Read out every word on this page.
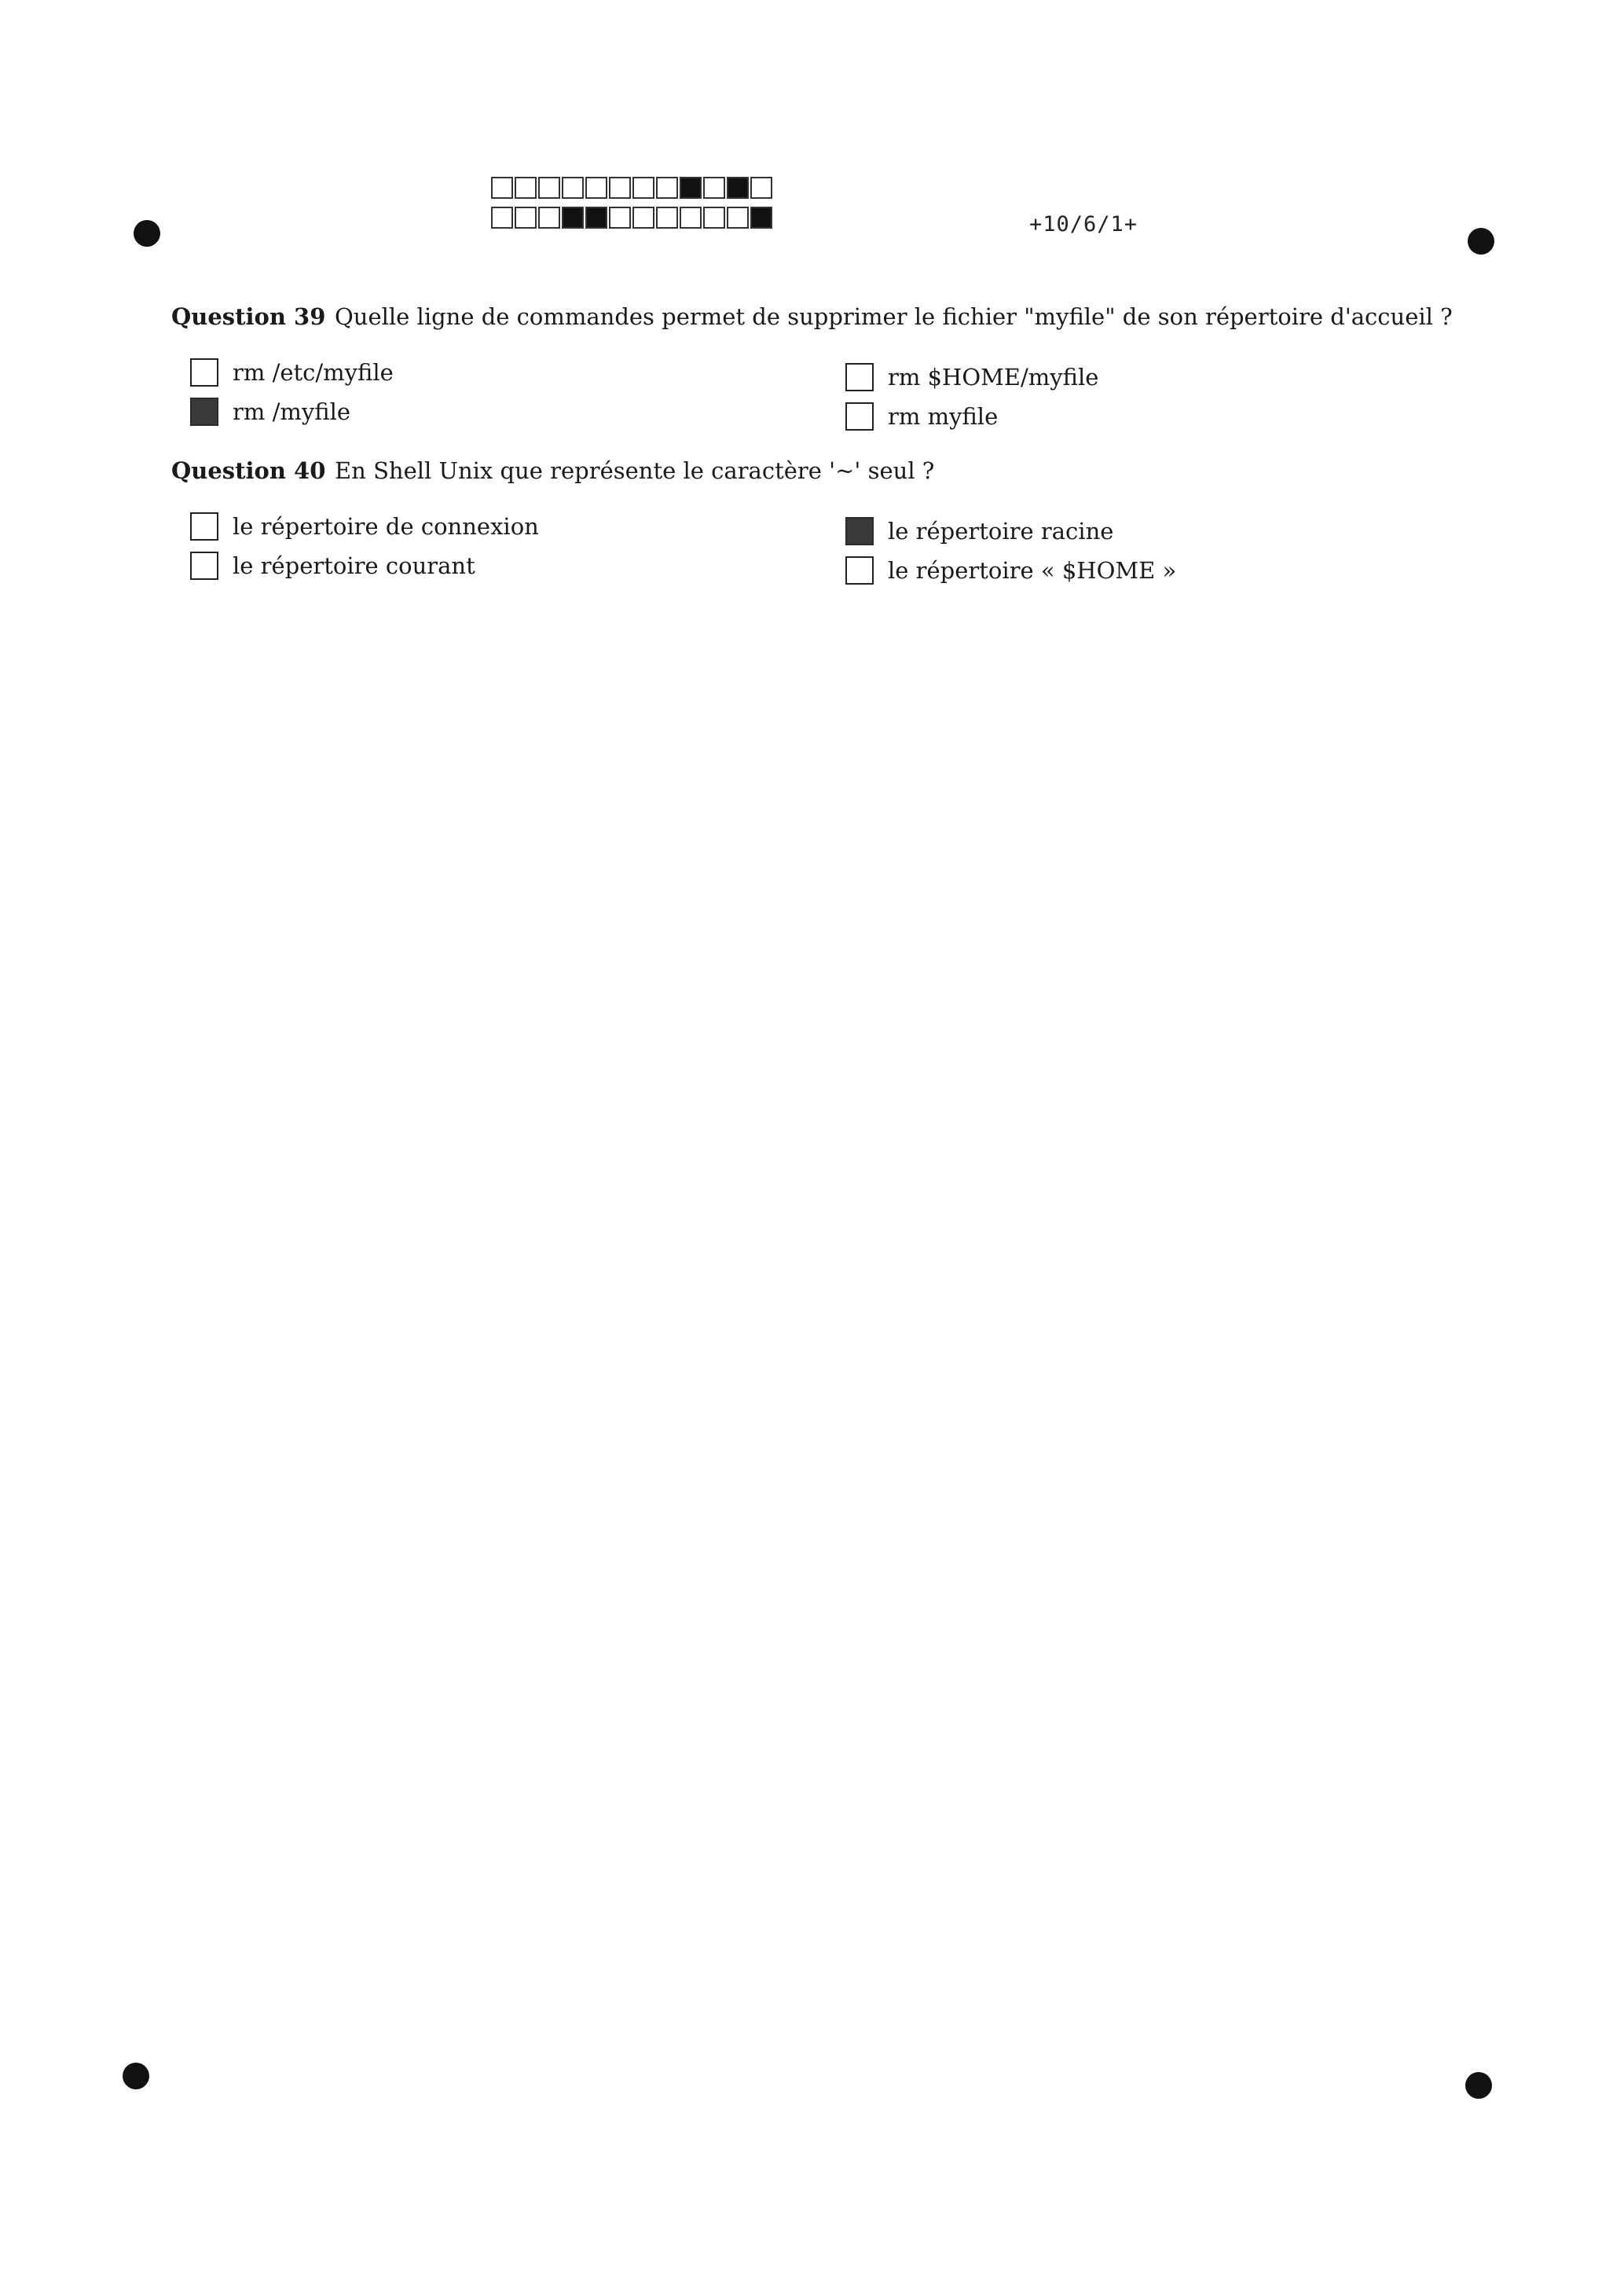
+10/6/1+
Question 39 Quelle ligne de commandes permet de supprimer le fichier "myfile" de son répertoire d'accueil ?
rm /etc/myfile
rm /myfile
rm $HOME/myfile
rm myfile
Question 40 En Shell Unix que représente le caractère '~' seul ?
le répertoire de connexion
le répertoire courant
le répertoire racine
le répertoire « $HOME »
